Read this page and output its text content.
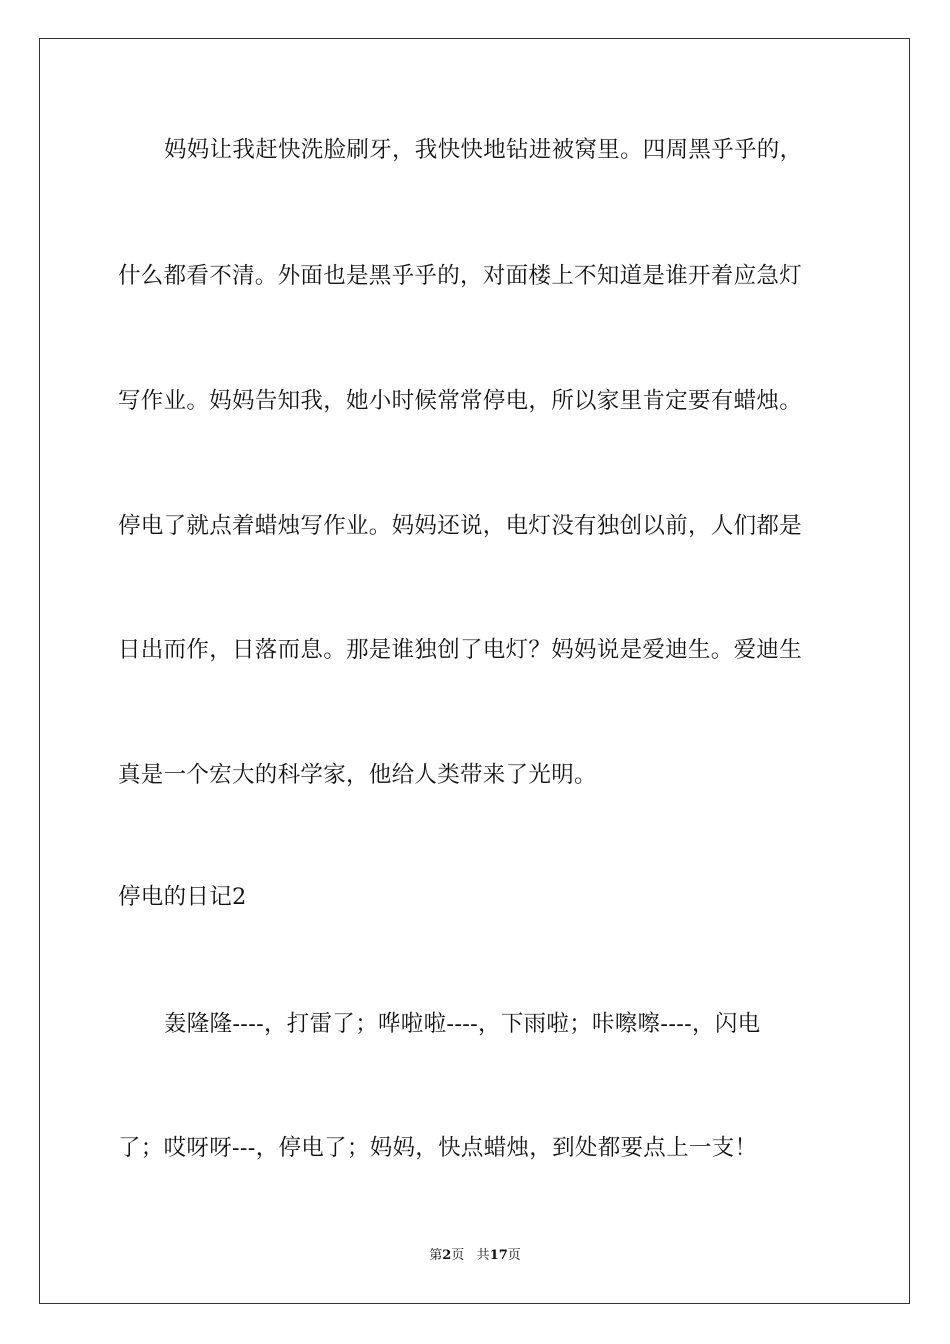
妈妈让我赶快洗脸刷牙，我快快地钻进被窝里。四周黑乎乎的，
什么都看不清。外面也是黑乎乎的，对面楼上不知道是谁开着应急灯
写作业。妈妈告知我，她小时候常常停电，所以家里肯定要有蜡烛。
停电了就点着蜡烛写作业。妈妈还说，电灯没有独创以前，人们都是
日出而作，日落而息。那是谁独创了电灯？妈妈说是爱迪生。爱迪生
真是一个宏大的科学家，他给人类带来了光明。
停电的日记2
轰隆隆----，打雷了；哗啦啦----，下雨啦；咔嚓嚓----，闪电
了；哎呀呀---，停电了；妈妈，快点蜡烛，到处都要点上一支！
第2页 共17页
